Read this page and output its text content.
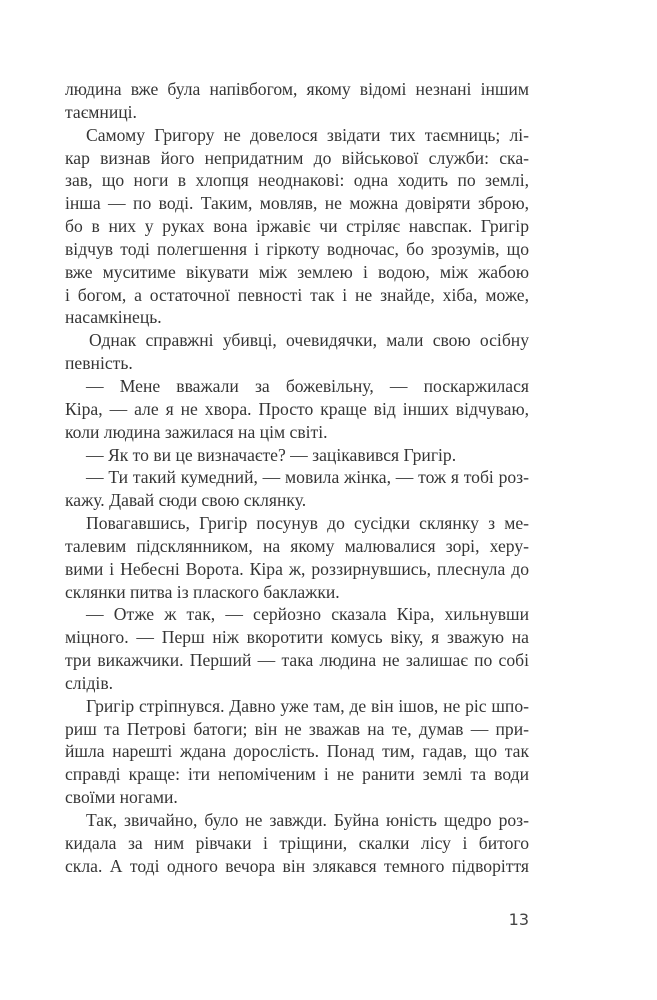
людина вже була напівбогом, якому відомі незнані іншим
таємниці.
Самому Григору не довелося звідати тих таємниць; лі-
кар визнав його непридатним до військової служби: ска-
зав, що ноги в хлопця неоднакові: одна ходить по землі,
інша — по воді. Таким, мовляв, не можна довіряти зброю,
бо в них у руках вона іржавіє чи стріляє навспак. Григір
відчув тоді полегшення і гіркоту водночас, бо зрозумів, що
вже муситиме вікувати між землею і водою, між жабою
і богом, а остаточної певності так і не знайде, хіба, може,
насамкінець.
Однак справжні убивці, очевидячки, мали свою осібну
певність.
— Мене вважали за божевільну, — поскаржилася
Кіра, — але я не хвора. Просто краще від інших відчуваю,
коли людина зажилася на цім світі.
— Як то ви це визначаєте? — зацікавився Григір.
— Ти такий кумедний, — мовила жінка, — тож я тобі роз-
кажу. Давай сюди свою склянку.
Повагавшись, Григір посунув до сусідки склянку з ме-
талевим підсклянником, на якому малювалися зорі, херу-
вими і Небесні Ворота. Кіра ж, роззирнувшись, плеснула до
склянки питва із плаского баклажки.
— Отже ж так, — серйозно сказала Кіра, хильнувши
міцного. — Перш ніж вкоротити комусь віку, я зважую на
три викажчики. Перший — така людина не залишає по собі
слідів.
Григір стріпнувся. Давно уже там, де він ішов, не ріс шпо-
риш та Петрові батоги; він не зважав на те, думав — при-
йшла нарешті ждана дорослість. Понад тим, гадав, що так
справді краще: іти непоміченим і не ранити землі та води
своїми ногами.
Так, звичайно, було не завжди. Буйна юність щедро роз-
кидала за ним рівчаки і тріщини, скалки лісу і битого
скла. А тоді одного вечора він злякався темного підворіття
13
